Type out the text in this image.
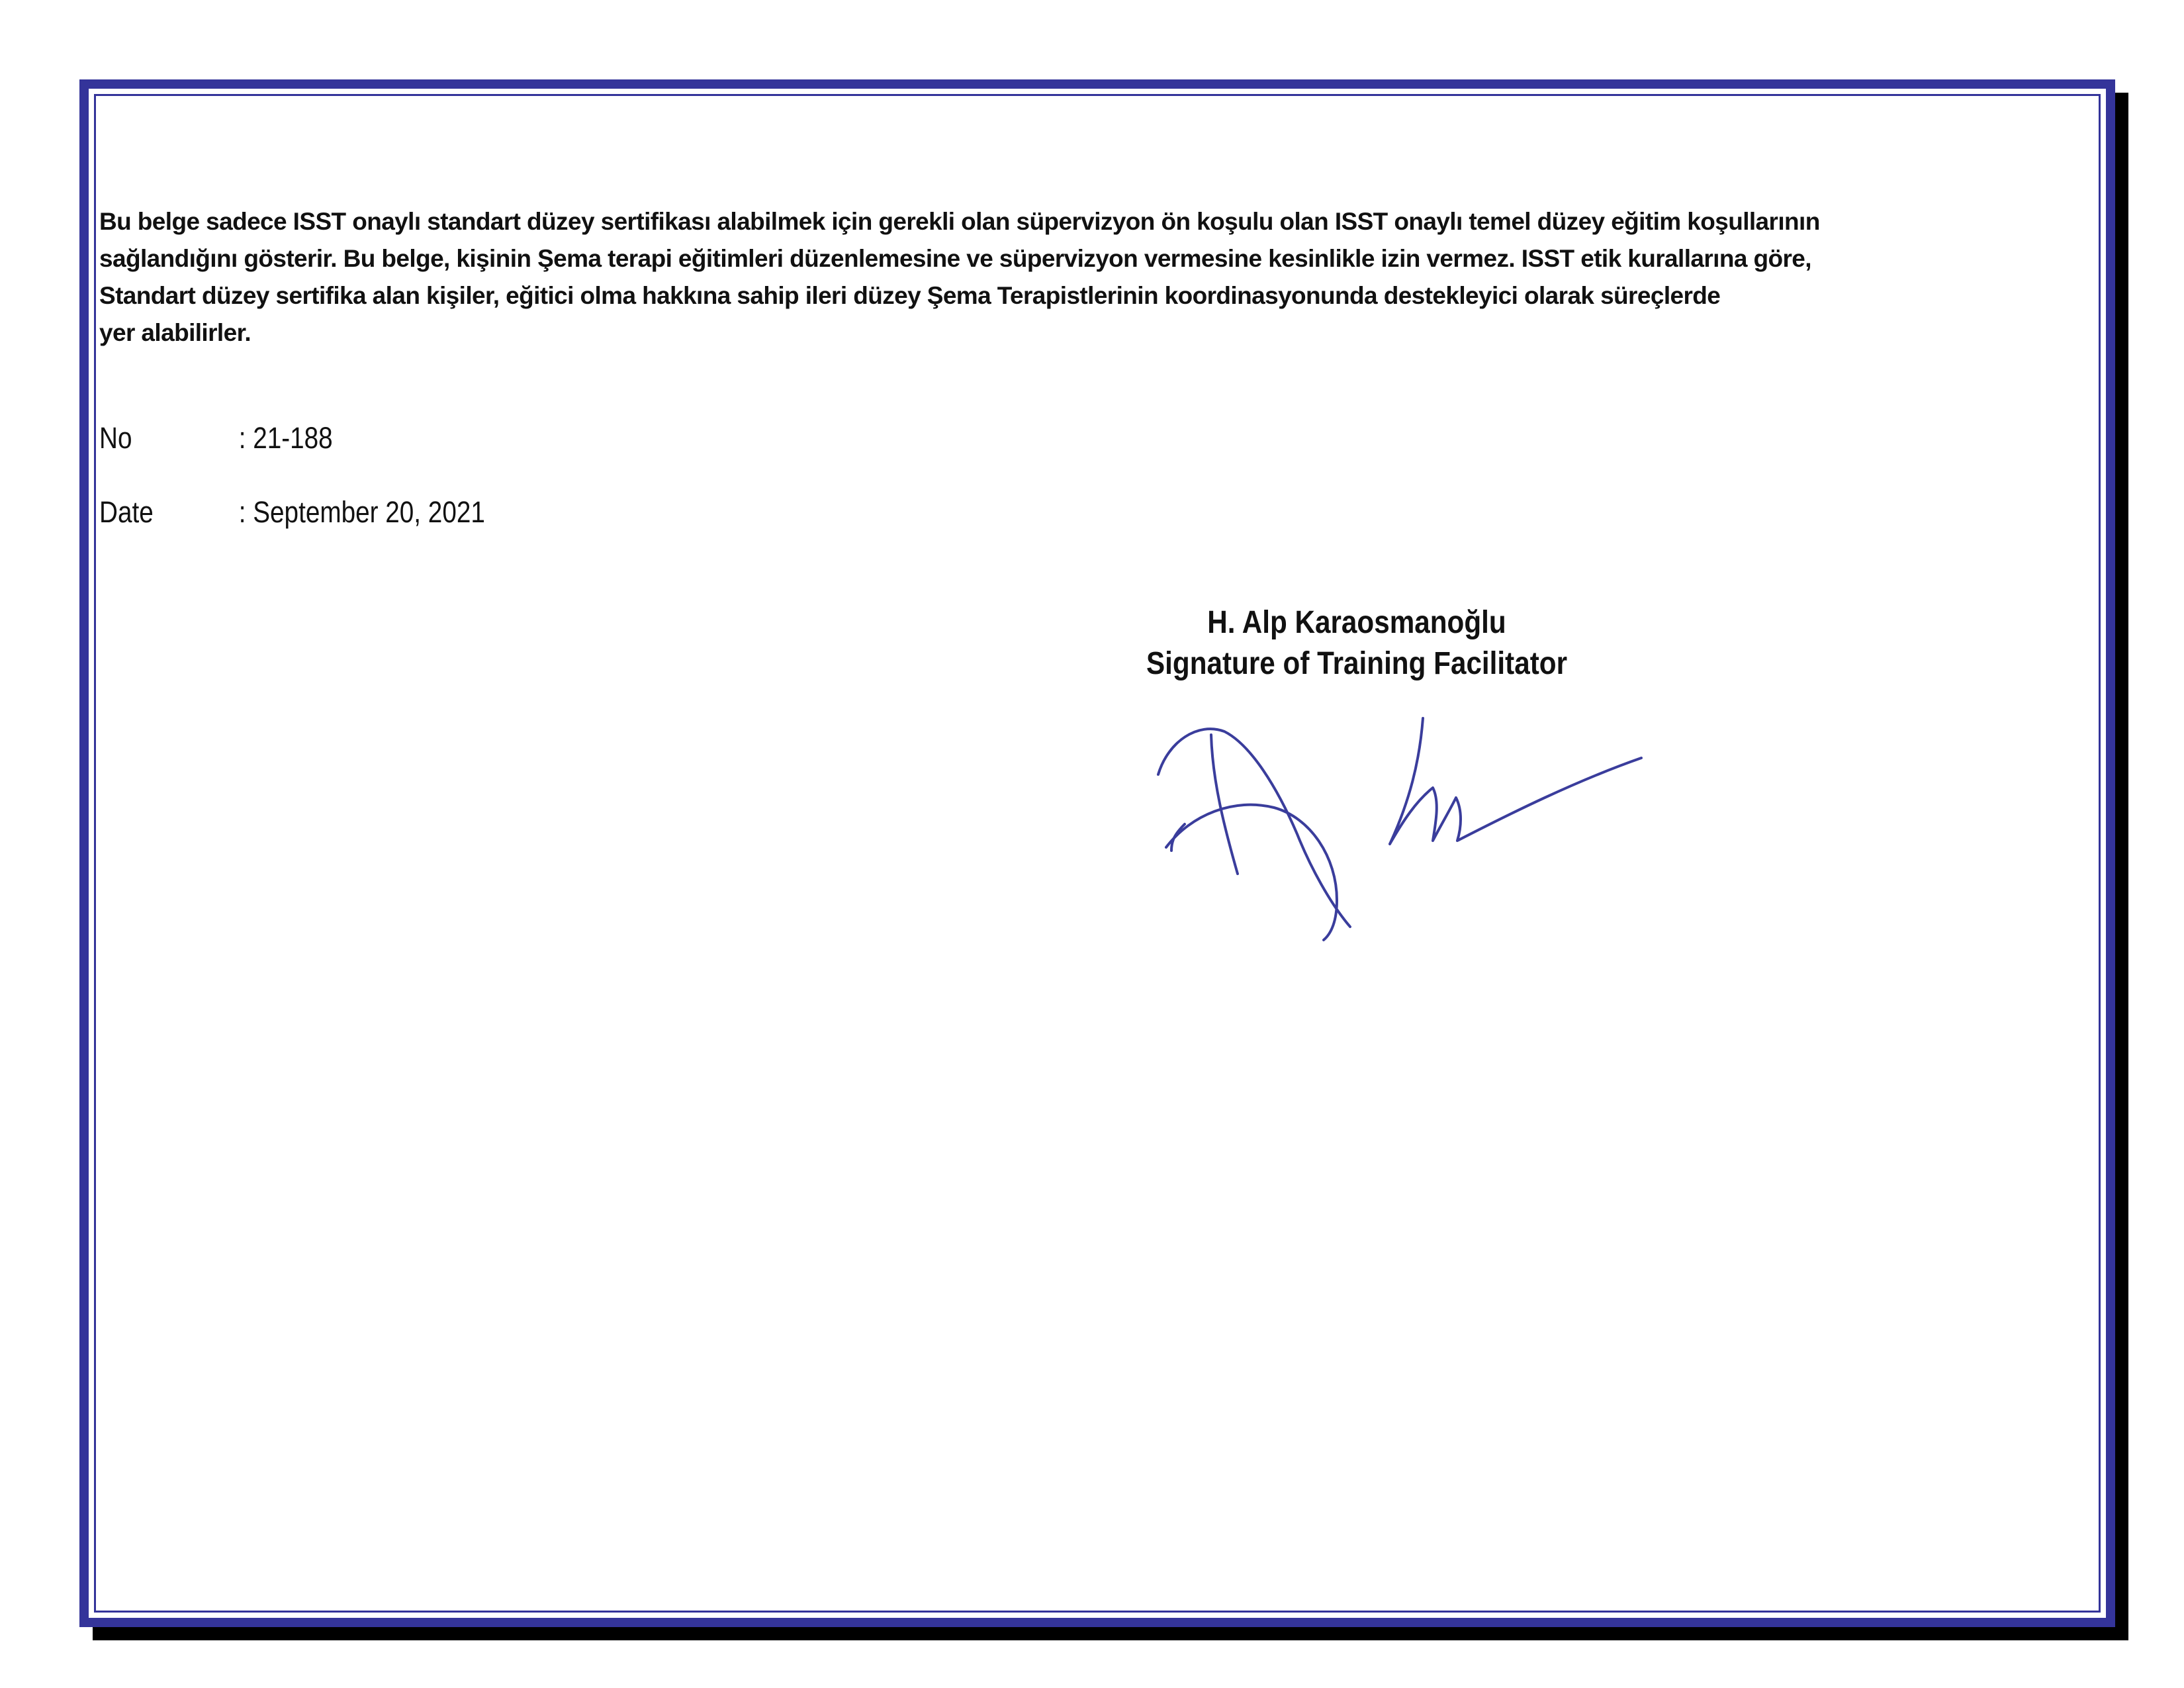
Bu belge sadece ISST onaylı standart düzey sertifikası alabilmek için gerekli olan süpervizyon ön koşulu olan ISST onaylı temel düzey eğitim koşullarının
sağlandığını gösterir. Bu belge, kişinin Şema terapi eğitimleri düzenlemesine ve süpervizyon vermesine kesinlikle izin vermez. ISST etik kurallarına göre,
Standart düzey sertifika alan kişiler, eğitici olma hakkına sahip ileri düzey Şema Terapistlerinin koordinasyonunda destekleyici olarak süreçlerde
yer alabilirler.

No	: 21-188
Date	: September 20, 2021
H. Alp Karaosmanoğlu
Signature of Training Facilitator
